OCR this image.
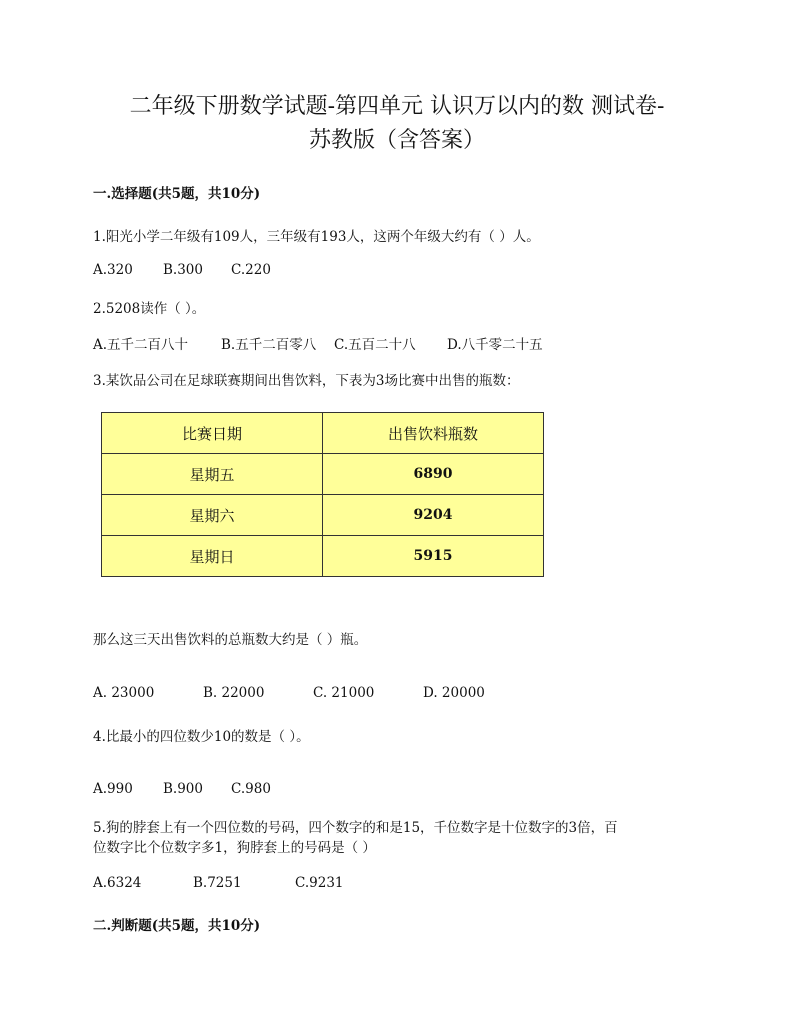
二年级下册数学试题-第四单元 认识万以内的数 测试卷-
苏教版（含答案）
一.选择题(共5题，共10分)
1.阳光小学二年级有109人，三年级有193人，这两个年级大约有（ ）人。
A.320	B.300	C.220
2.5208读作（ ）。
A.五千二百八十	B.五千二百零八	C.五百二十八	D.八千零二十五
3.某饮品公司在足球联赛期间出售饮料，下表为3场比赛中出售的瓶数：
比赛日期	出售饮料瓶数
星期五	6890
星期六	9204
星期日	5915
那么这三天出售饮料的总瓶数大约是（ ）瓶。
A. 23000	B. 22000	C. 21000	D. 20000
4.比最小的四位数少10的数是（ ）。
A.990	B.900	C.980
5.狗的脖套上有一个四位数的号码，四个数字的和是15，千位数字是十位数字的3倍，百
位数字比个位数字多1，狗脖套上的号码是（ ）
A.6324	B.7251	C.9231
二.判断题(共5题，共10分)
